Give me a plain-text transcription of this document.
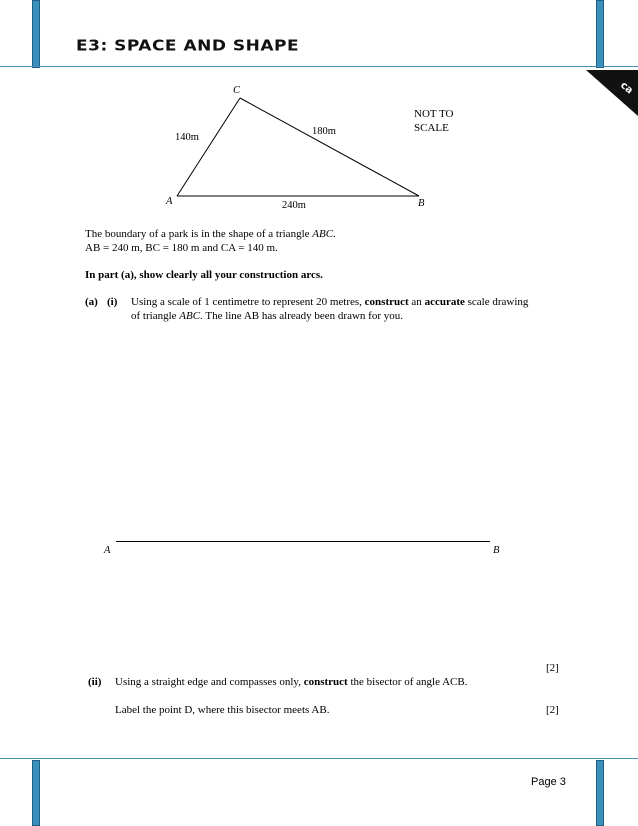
E3: SPACE AND SHAPE
ca
C
A	B
140m
180m
240m
NOT TO
SCALE
The boundary of a park is in the shape of a triangle ABC.
AB = 240 m, BC = 180 m and CA = 140 m.
In part (a), show clearly all your construction arcs.
(a) (i) Using a scale of 1 centimetre to represent 20 metres, construct an accurate scale drawing
of triangle ABC. The line AB has already been drawn for you.
A	B
[2]
(ii) Using a straight edge and compasses only, construct the bisector of angle ACB.
Label the point D, where this bisector meets AB.	[2]
Page 3
